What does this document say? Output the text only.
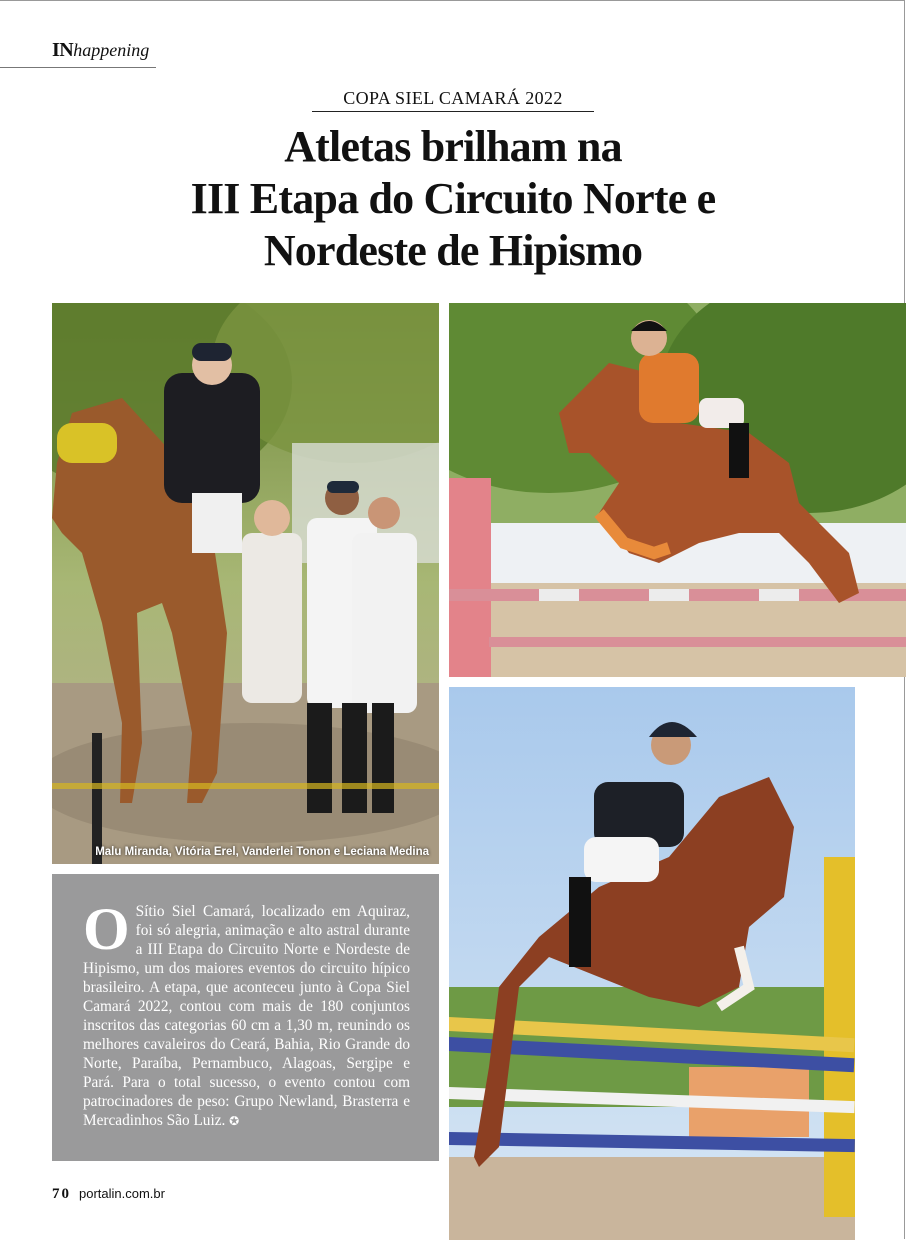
INhappening
COPA SIEL CAMARÁ 2022
Atletas brilham na
III Etapa do Circuito Norte e
Nordeste de Hipismo
Malu Miranda, Vitória Erel, Vanderlei Tonon e Leciana Medina

O Sítio Siel Camará, localizado em Aquiraz, foi só alegria, animação e alto astral durante a III Etapa do Circuito Norte e Nordeste de Hipismo, um dos maiores eventos do circuito hípico brasileiro. A etapa, que aconteceu junto à Copa Siel Camará 2022, contou com mais de 180 conjuntos inscritos das categorias 60 cm a 1,30 m, reunindo os melhores cavaleiros do Ceará, Bahia, Rio Grande do Norte, Paraíba, Pernambuco, Alagoas, Sergipe e Pará. Para o total sucesso, o evento contou com patrocinadores de peso: Grupo Newland, Brasterra e Mercadinhos São Luiz. ✪

70 portalin.com.br
